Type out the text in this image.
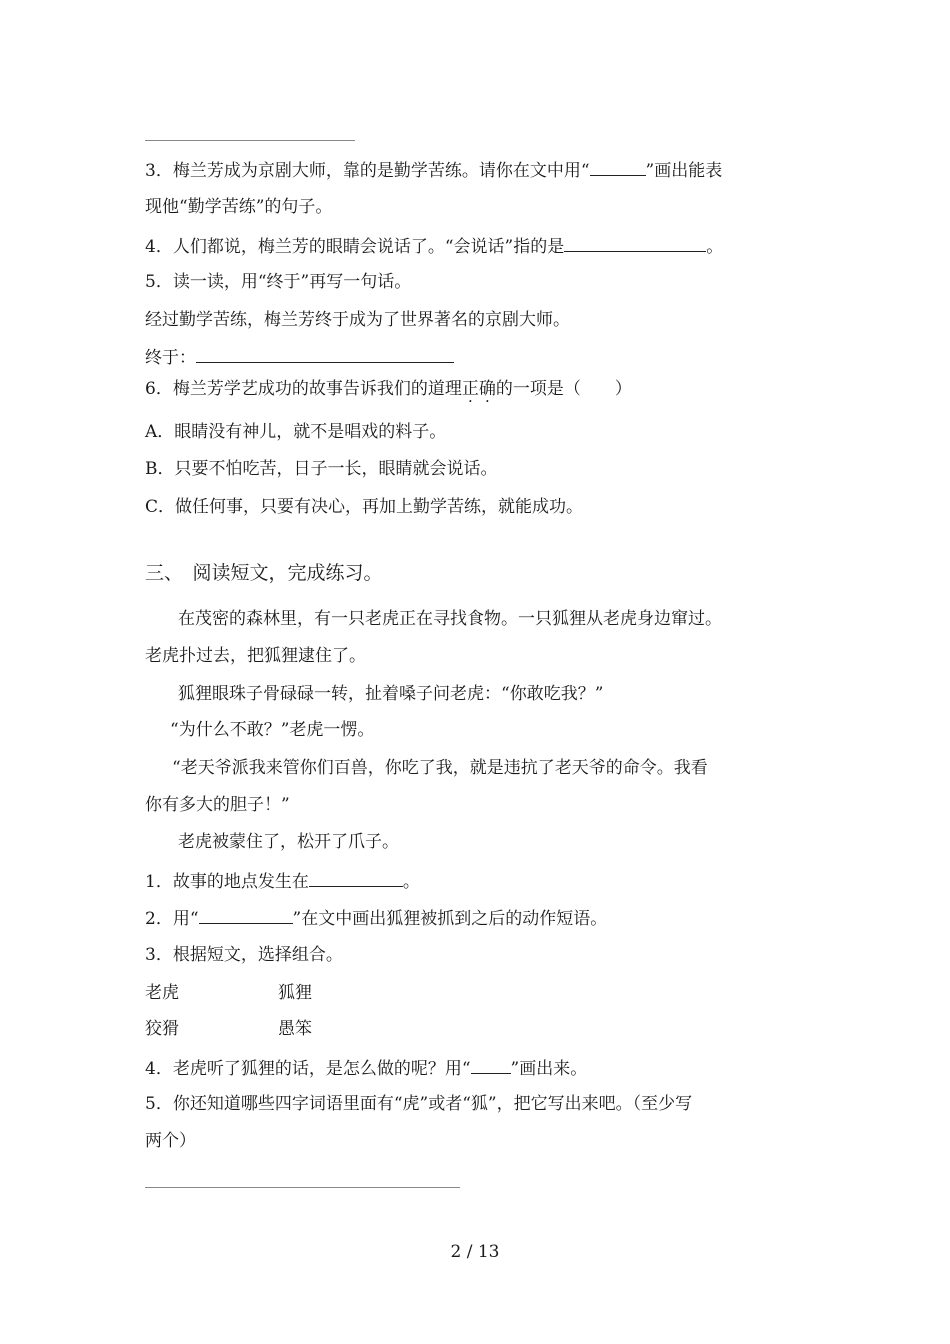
3．梅兰芳成为京剧大师，靠的是勤学苦练。请你在文中用“	”画出能表
现他“勤学苦练”的句子。
4．人们都说，梅兰芳的眼睛会说话了。“会说话”指的是	。
5．读一读，用“终于”再写一句话。
经过勤学苦练，梅兰芳终于成为了世界著名的京剧大师。
终于：
6．梅兰芳学艺成功的故事告诉我们的道理正确的一项是（　　）
A．眼睛没有神儿，就不是唱戏的料子。
B．只要不怕吃苦，日子一长，眼睛就会说话。
C．做任何事，只要有决心，再加上勤学苦练，就能成功。
三、　阅读短文，完成练习。
在茂密的森林里，有一只老虎正在寻找食物。一只狐狸从老虎身边窜过。
老虎扑过去，把狐狸逮住了。
狐狸眼珠子骨碌碌一转，扯着嗓子问老虎：“你敢吃我？”
“为什么不敢？”老虎一愣。
“老天爷派我来管你们百兽，你吃了我，就是违抗了老天爷的命令。我看
你有多大的胆子！”
老虎被蒙住了，松开了爪子。
1．故事的地点发生在	。
2．用“	”在文中画出狐狸被抓到之后的动作短语。
3．根据短文，选择组合。
老虎	狐狸
狡猾	愚笨
4．老虎听了狐狸的话，是怎么做的呢？用“ ”画出来。
5．你还知道哪些四字词语里面有“虎”或者“狐”，把它写出来吧。（至少写
两个）
2 / 13
